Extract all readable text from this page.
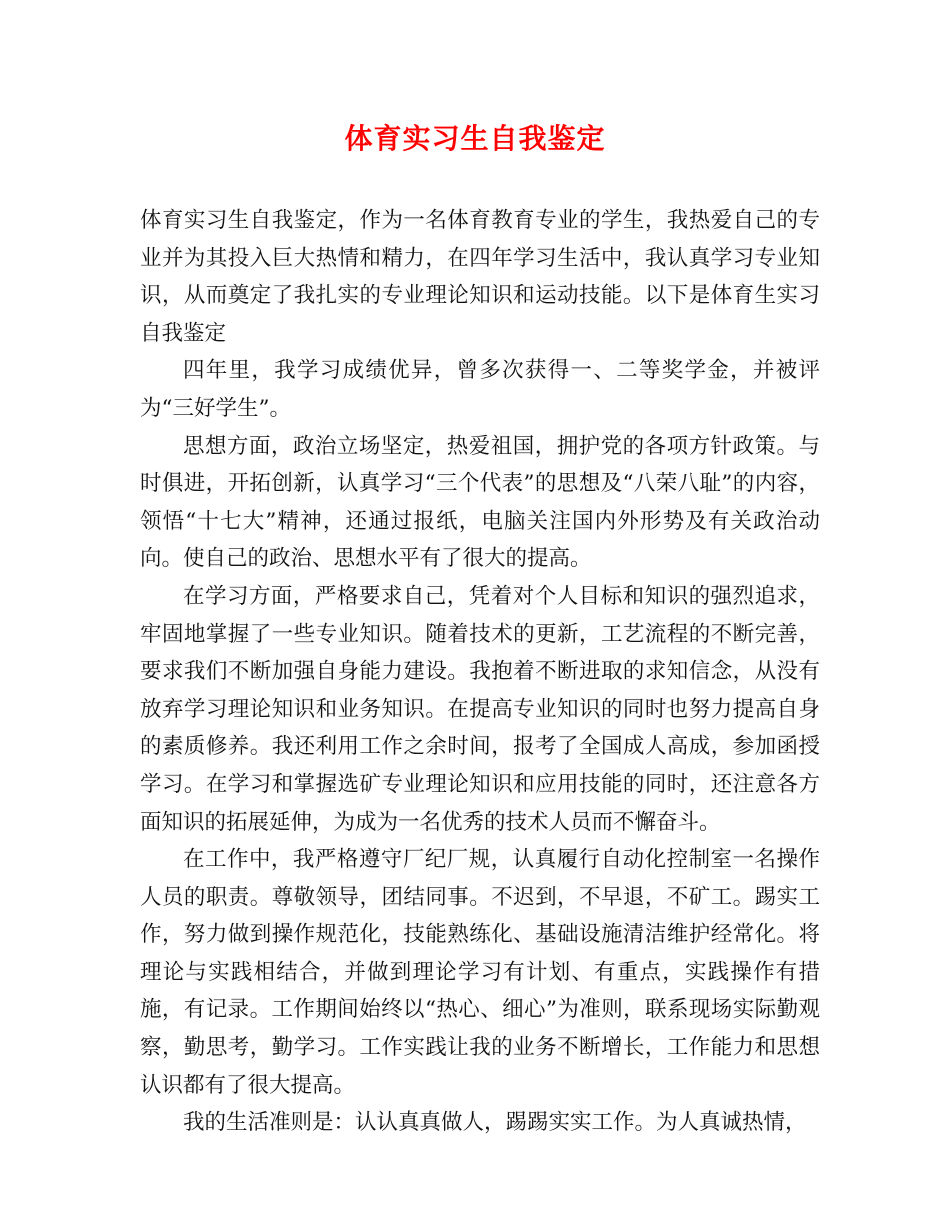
体育实习生自我鉴定

体育实习生自我鉴定，作为一名体育教育专业的学生，我热爱自己的专业并为其投入巨大热情和精力，在四年学习生活中，我认真学习专业知识，从而奠定了我扎实的专业理论知识和运动技能。以下是体育生实习自我鉴定

四年里，我学习成绩优异，曾多次获得一、二等奖学金，并被评为“三好学生”。

思想方面，政治立场坚定，热爱祖国，拥护党的各项方针政策。与时俱进，开拓创新，认真学习“三个代表”的思想及“八荣八耻”的内容，领悟“十七大”精神，还通过报纸，电脑关注国内外形势及有关政治动向。使自己的政治、思想水平有了很大的提高。

在学习方面，严格要求自己，凭着对个人目标和知识的强烈追求，牢固地掌握了一些专业知识。随着技术的更新，工艺流程的不断完善，要求我们不断加强自身能力建设。我抱着不断进取的求知信念，从没有放弃学习理论知识和业务知识。在提高专业知识的同时也努力提高自身的素质修养。我还利用工作之余时间，报考了全国成人高成，参加函授学习。在学习和掌握选矿专业理论知识和应用技能的同时，还注意各方面知识的拓展延伸，为成为一名优秀的技术人员而不懈奋斗。

在工作中，我严格遵守厂纪厂规，认真履行自动化控制室一名操作人员的职责。尊敬领导，团结同事。不迟到，不早退，不矿工。踢实工作，努力做到操作规范化，技能熟练化、基础设施清洁维护经常化。将理论与实践相结合，并做到理论学习有计划、有重点，实践操作有措施，有记录。工作期间始终以“热心、细心”为准则，联系现场实际勤观察，勤思考，勤学习。工作实践让我的业务不断增长，工作能力和思想认识都有了很大提高。

我的生活准则是：认认真真做人，踢踢实实工作。为人真诚热情，
